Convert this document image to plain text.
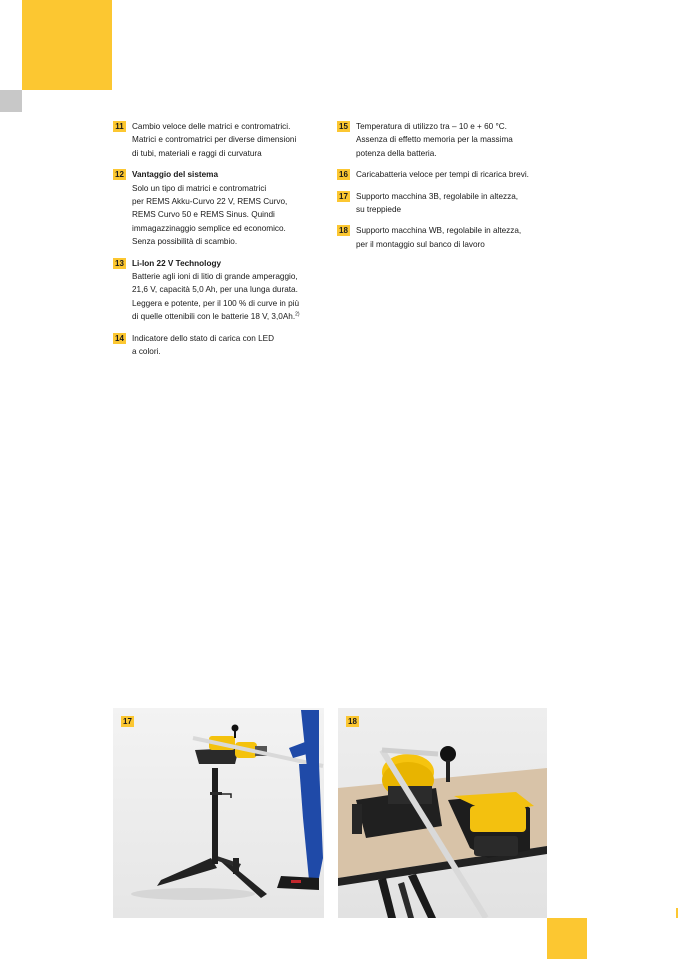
11 Cambio veloce delle matrici e contromatrici.
Matrici e contromatrici per diverse dimensioni
di tubi, materiali e raggi di curvatura
12 Vantaggio del sistema
Solo un tipo di matrici e contromatrici
per REMS Akku-Curvo 22 V, REMS Curvo,
REMS Curvo 50 e REMS Sinus. Quindi
immagazzinaggio semplice ed economico.
Senza possibilità di scambio.
13 Li-Ion 22 V Technology
Batterie agli ioni di litio di grande amperaggio,
21,6 V, capacità 5,0 Ah, per una lunga durata.
Leggera e potente, per il 100 % di curve in più
di quelle ottenibili con le batterie 18 V, 3,0Ah.$^{2)}$
14 Indicatore dello stato di carica con LED
a colori.
15 Temperatura di utilizzo tra – 10 e + 60 °C.
Assenza di effetto memoria per la massima
potenza della batteria.
16 Caricabatteria veloce per tempi di ricarica brevi.
17 Supporto macchina 3B, regolabile in altezza,
su treppiede
18 Supporto macchina WB, regolabile in altezza,
per il montaggio sul banco di lavoro
17	18
